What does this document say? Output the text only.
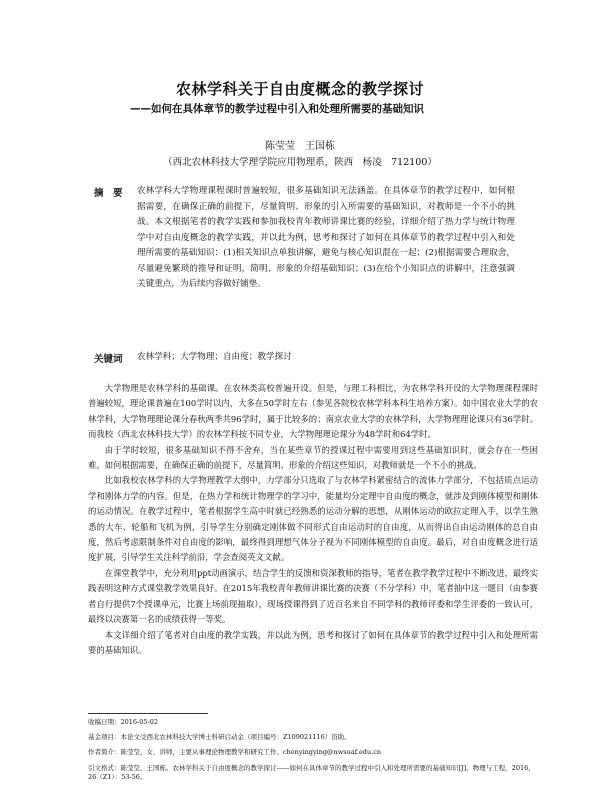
农林学科关于自由度概念的教学探讨
——如何在具体章节的教学过程中引入和处理所需要的基础知识
陈莹莹　王国栋
（西北农林科技大学理学院应用物理系，陕西　杨凌　712100）
摘　要 农林学科大学物理课程课时普遍较短，很多基础知识无法涵盖。在具体章节的教学过程中，如何根据需要，在确保正确的前提下，尽量简明、形象的引入所需要的基础知识，对教师是一个不小的挑战。本文根据笔者的教学实践和参加我校青年教师讲课比赛的经验，详细介绍了热力学与统计物理学中对自由度概念的教学实践，并以此为例，思考和探讨了如何在具体章节的教学过程中引入和处理所需要的基础知识：(1)相关知识点单独讲解，避免与核心知识混在一起；(2)根据需要合理取舍，尽量避免繁琐的推导和证明，简明、形象的介绍基础知识；(3)在给个小知识点的讲解中，注意强调关键重点，为后续内容做好铺垫。
关键词 农林学科；大学物理；自由度；教学探讨

大学物理是农林学科的基础课。在农林类高校普遍开设。但是，与理工科相比，为农林学科开设的大学物理课程课时普遍较短，理论课普遍在100学时以内，大多在50学时左右（参见各院校农林学科本科生培养方案）。如中国农业大学的农林学科，大学物理理论课分春秋两季共96学时，属于比较多的；南京农业大学的农林学科，大学物理理论课只有36学时。而我校（西北农林科技大学）的农林学科按不同专业，大学物理理论课分为48学时和64学时。

由于学时较短，很多基础知识不得不舍弃，当在某些章节的授课过程中需要用到这些基础知识时，就会存在一些困难。如何根据需要，在确保正确的前提下，尽量简明、形象的介绍这些知识，对教师就是一个不小的挑战。

比如我校农林学科的大学物理教学大纲中，力学部分只选取了与农林学科紧密结合的流体力学部分，不包括质点运动学和刚体力学的内容。但是，在热力学和统计物理学的学习中，能量均分定理中自由度的概念，就涉及到刚体模型和刚体的运动情况。在教学过程中，笔者根据学生高中时就已经熟悉的运动分解的思想，从刚体运动的欧拉定理入手，以学生熟悉的大车、轮船和飞机为例，引导学生分别确定刚体做不同形式自由运动时的自由度，从而得出自由运动刚体的总自由度，然后考虑限制条件对自由度的影响，最终得到理想气体分子视为不同刚体模型的自由度。最后，对自由度概念进行适度扩展，引导学生关注科学前沿，学会查阅英文文献。

在课堂教学中，充分利用ppt动画演示，结合学生的反馈和资深教师的指导，笔者在教学教学过程中不断改进，最终实践表明这种方式课堂教学效果良好。在2015年我校青年教师讲课比赛的决赛（不分学科）中，笔者抽中这一题目（由参赛者自行提供7个授课单元，比赛上场前现抽取），现场授课得到了近百名来自不同学科的教师评委和学生评委的一致认可，最终以决赛第一名的成绩获得一等奖。

本文详细介绍了笔者对自由度的教学实践，并以此为例，思考和探讨了如何在具体章节的教学过程中引入和处理所需要的基础知识。

收稿日期：2016-05-02
基金项目：本论文受西北农林科技大学博士科研启动金（项目编号：Z109021116）资助。
作者简介：陈莹莹，女，讲师，主要从事理论物理教学和研究工作。chenyingying@nwsuaf.edu.cn
引文格式：陈莹莹，王国栋。农林学科关于自由度概念的教学探讨——如何在具体章节的教学过程中引入和处理所需要的基础知识[J]。物理与工程，2016，26（Z1）：53-56。
